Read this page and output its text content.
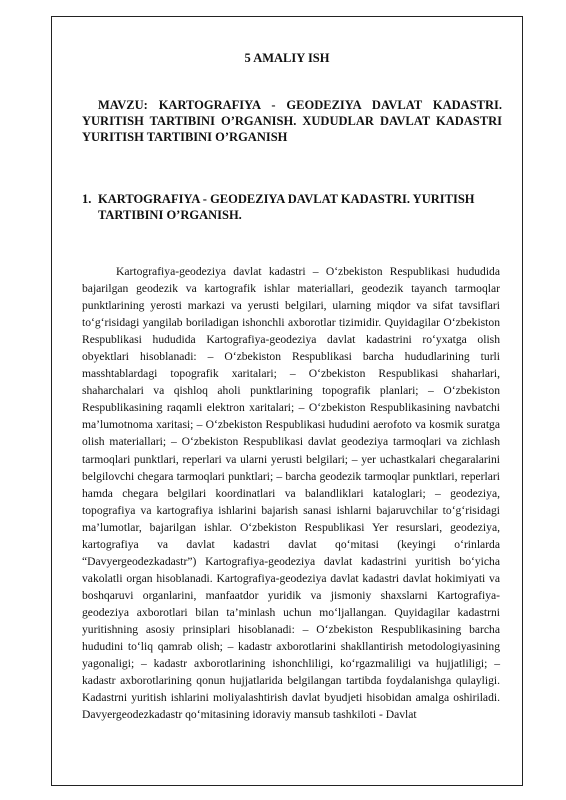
5 AMALIY ISH
MAVZU: KARTOGRAFIYA - GEODEZIYA DAVLAT KADASTRI. YURITISH TARTIBINI O’RGANISH. XUDUDLAR DAVLAT KADASTRI YURITISH TARTIBINI O’RGANISH
1. KARTOGRAFIYA - GEODEZIYA DAVLAT KADASTRI. YURITISH TARTIBINI O’RGANISH.
Kartografiya-geodeziya davlat kadastri – O‘zbekiston Respublikasi hududida bajarilgan geodezik va kartografik ishlar materiallari, geodezik tayanch tarmoqlar punktlarining yerosti markazi va yerusti belgilari, ularning miqdor va sifat tavsiflari to‘g‘risidagi yangilab boriladigan ishonchli axborotlar tizimidir. Quyidagilar O‘zbekiston Respublikasi hududida Kartografiya-geodeziya davlat kadastrini ro‘yxatga olish obyektlari hisoblanadi: – O‘zbekiston Respublikasi barcha hududlarining turli masshtablardagi topografik xaritalari; – O‘zbekiston Respublikasi shaharlari, shaharchalari va qishloq aholi punktlarining topografik planlari; – O‘zbekiston Respublikasining raqamli elektron xaritalari; – O‘zbekiston Respublikasining navbatchi ma’lumotnoma xaritasi; – O‘zbekiston Respublikasi hududini aerofoto va kosmik suratga olish materiallari; – O‘zbekiston Respublikasi davlat geodeziya tarmoqlari va zichlash tarmoqlari punktlari, reperlari va ularni yerusti belgilari; – yer uchastkalari chegaralarini belgilovchi chegara tarmoqlari punktlari; – barcha geodezik tarmoqlar punktlari, reperlari hamda chegara belgilari koordinatlari va balandliklari kataloglari; – geodeziya, topografiya va kartografiya ishlarini bajarish sanasi ishlarni bajaruvchilar to‘g‘risidagi ma’lumotlar, bajarilgan ishlar. O‘zbekiston Respublikasi Yer resurslari, geodeziya, kartografiya va davlat kadastri davlat qo‘mitasi (keyingi o‘rinlarda “Davyergeodezkadastr”) Kartografiya-geodeziya davlat kadastrini yuritish bo‘yicha vakolatli organ hisoblanadi. Kartografiya-geodeziya davlat kadastri davlat hokimiyati va boshqaruvi organlarini, manfaatdor yuridik va jismoniy shaxslarni Kartografiya-geodeziya axborotlari bilan ta’minlash uchun mo‘ljallangan. Quyidagilar kadastrni yuritishning asosiy prinsiplari hisoblanadi: – O‘zbekiston Respublikasining barcha hududini to‘liq qamrab olish; – kadastr axborotlarini shakllantirish metodologiyasining yagonaligi; – kadastr axborotlarining ishonchliligi, ko‘rgazmaliligi va hujjatliligi; – kadastr axborotlarining qonun hujjatlarida belgilangan tartibda foydalanishga qulayligi. Kadastrni yuritish ishlarini moliyalashtirish davlat byudjeti hisobidan amalga oshiriladi. Davyergeodezkadastr qo‘mitasining idoraviy mansub tashkiloti - Davlat
